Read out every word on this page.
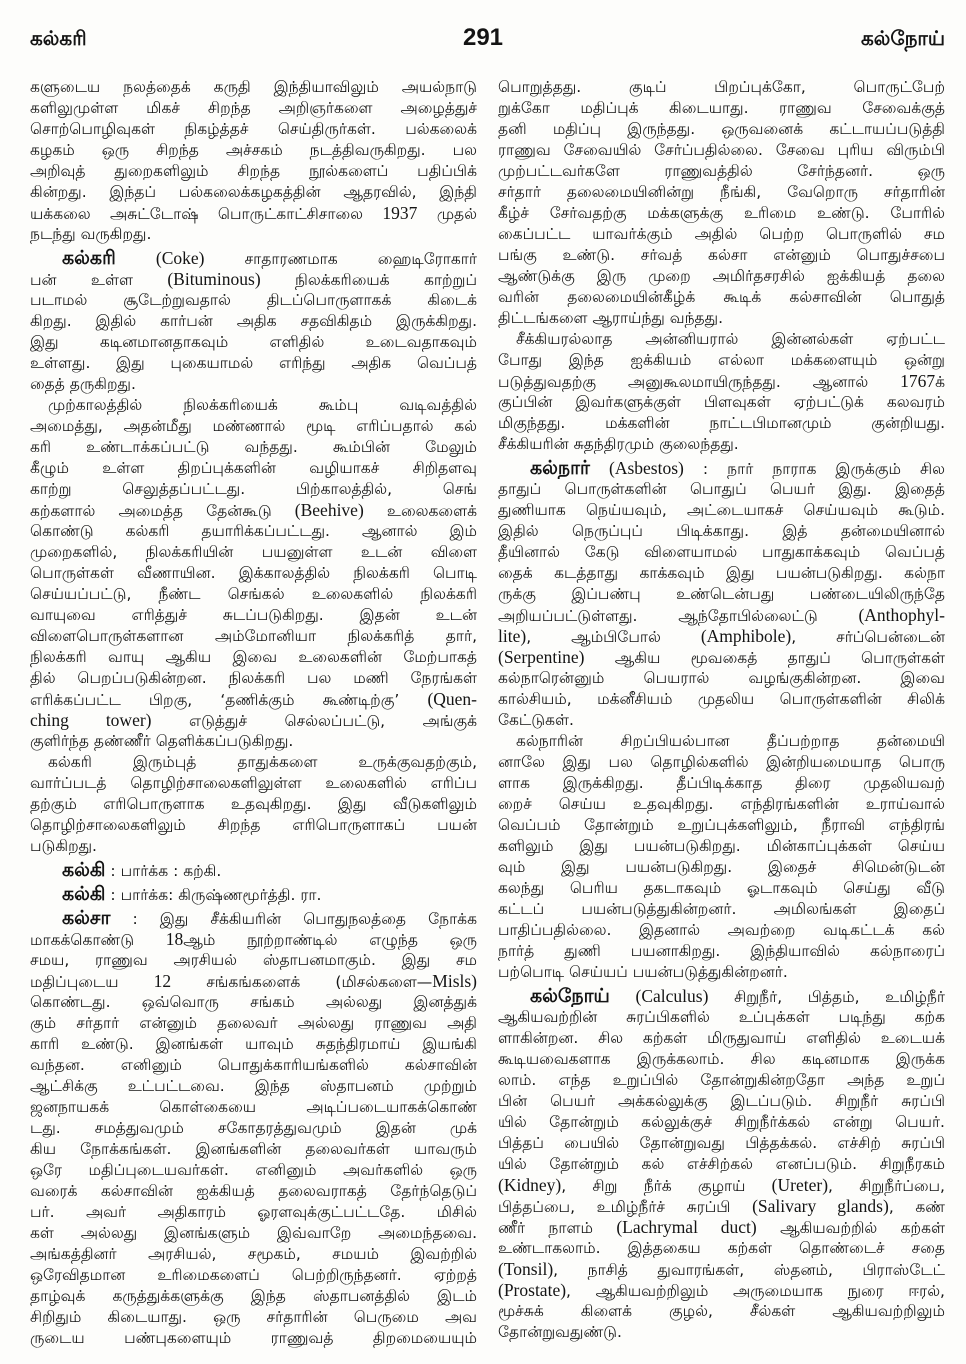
கல்கரி	291	கல்நோய்
களுடைய நலத்தைக் கருதி இந்தியாவிலும் அயல்நாடு
களிலுமுள்ள மிகச் சிறந்த அறிஞர்களை அழைத்துச்
சொற்பொழிவுகள் நிகழ்த்தச் செய்திருர்கள். பல்கலைக்
கழகம் ஒரு சிறந்த அச்சகம் நடத்திவருகிறது. பல
அறிவுத் துறைகளிலும் சிறந்த நூல்களைப் பதிப்பிக்
கின்றது. இந்தப் பல்கலைக்கழகத்தின் ஆதரவில், இந்தி
யக்கலை அசுட்டோஷ் பொருட்காட்சிசாலை 1937 முதல்
நடந்து வருகிறது.
கல்கரி (Coke) சாதாரணமாக ஹைடிரோகார்
பன் உள்ள (Bituminous) நிலக்கரியைக் காற்றுப்
படாமல் சூடேற்றுவதால் திடப்பொருளாகக் கிடைக்
கிறது. இதில் கார்பன் அதிக சதவிகிதம் இருக்கிறது.
இது கடினமானதாகவும் எளிதில் உடைவதாகவும்
உள்ளது. இது புகையாமல் எரிந்து அதிக வெப்பத்
தைத் தருகிறது.
முற்காலத்தில் நிலக்கரியைக் கூம்பு வடிவத்தில்
அமைத்து, அதன்மீது மண்ணால் மூடி எரிப்பதால் கல்
கரி உண்டாக்கப்பட்டு வந்தது. கூம்பின் மேலும்
கீழும் உள்ள திறப்புக்களின் வழியாகச் சிறிதளவு
காற்று செலுத்தப்பட்டது. பிற்காலத்தில், செங்
கற்களால் அமைத்த தேன்கூடு (Beehive) உலைகளைக்
கொண்டு கல்கரி தயாரிக்கப்பட்டது. ஆனால் இம்
முறைகளில், நிலக்கரியின் பயனுள்ள உடன் விளை
பொருள்கள் வீணாயின. இக்காலத்தில் நிலக்கரி பொடி
செய்யப்பட்டு, நீண்ட செங்கல் உலைகளில் நிலக்கரி
வாயுவை எரித்துச் சுடப்படுகிறது. இதன் உடன்
விளைபொருள்களான அம்மோனியா நிலக்கரித் தார்,
நிலக்கரி வாயு ஆகிய இவை உலைகளின் மேற்பாகத்
தில் பெறப்படுகின்றன. நிலக்கரி பல மணி நேரங்கள்
எரிக்கப்பட்ட பிறகு, ‘தணிக்கும் கூண்டிற்கு’ (Quen-
ching tower) எடுத்துச் செல்லப்பட்டு, அங்குக்
குளிர்ந்த தண்ணீர் தெளிக்கப்படுகிறது.
கல்கரி இரும்புத் தாதுக்களை உருக்குவதற்கும்,
வார்ப்படத் தொழிற்சாலைகளிலுள்ள உலைகளில் எரிப்ப
தற்கும் எரிபொருளாக உதவுகிறது. இது வீடுகளிலும்
தொழிற்சாலைகளிலும் சிறந்த எரிபொருளாகப் பயன்
படுகிறது.
கல்கி : பார்க்க : கற்கி.
கல்கி : பார்க்க: கிருஷ்ணமூர்த்தி. ரா.
கல்சா : இது சீக்கியரின் பொதுநலத்தை நோக்க
மாகக்கொண்டு 18ஆம் நூற்றாண்டில் எழுந்த ஒரு
சமய, ராணுவ அரசியல் ஸ்தாபனமாகும். இது சம
மதிப்புடைய 12 சங்கங்களைக் (மிசல்களை—Misls)
கொண்டது. ஒவ்வொரு சங்கம் அல்லது இனத்துக்
கும் சர்தார் என்னும் தலைவர் அல்லது ராணுவ அதி
காரி உண்டு. இனங்கள் யாவும் சுதந்திரமாய் இயங்கி
வந்தன. எனினும் பொதுக்காரியங்களில் கல்சாவின்
ஆட்சிக்கு உட்பட்டவை. இந்த ஸ்தாபனம் முற்றும்
ஜனநாயகக் கொள்கையை அடிப்படையாகக்கொண்
டது. சமத்துவமும் சகோதரத்துவமும் இதன் முக்
கிய நோக்கங்கள். இனங்களின் தலைவர்கள் யாவரும்
ஒரே மதிப்புடையவர்கள். எனினும் அவர்களில் ஒரு
வரைக் கல்சாவின் ஐக்கியத் தலைவராகத் தேர்ந்தெடுப்
பர். அவர் அதிகாரம் ஓரளவுக்குட்பட்டதே. மிசில்
கள் அல்லது இனங்களும் இவ்வாறே அமைந்தவை.
அங்கத்தினர் அரசியல், சமூகம், சமயம் இவற்றில்
ஒரேவிதமான உரிமைகளைப் பெற்றிருந்தனர். ஏற்றத்
தாழ்வுக் கருத்துக்களுக்கு இந்த ஸ்தாபனத்தில் இடம்
சிறிதும் கிடையாது. ஒரு சர்தாரின் பெருமை அவ
ருடைய பண்புகளையும் ராணுவத் திறமையையும்
பொறுத்தது. குடிப் பிறப்புக்கோ, பொருட்பேற்
றுக்கோ மதிப்புக் கிடையாது. ராணுவ சேவைக்குத்
தனி மதிப்பு இருந்தது. ஒருவனைக் கட்டாயப்படுத்தி
ராணுவ சேவையில் சேர்ப்பதில்லை. சேவை புரிய விரும்பி
முற்பட்டவர்களே ராணுவத்தில் சேர்ந்தனர். ஒரு
சர்தார் தலைமையினின்று நீங்கி, வேறொரு சர்தாரின்
கீழ்ச் சேர்வதற்கு மக்களுக்கு உரிமை உண்டு. போரில்
கைப்பட்ட யாவர்க்கும் அதில் பெற்ற பொருளில் சம
பங்கு உண்டு. சர்வத் கல்சா என்னும் பொதுச்சபை
ஆண்டுக்கு இரு முறை அமிர்தசரசில் ஐக்கியத் தலை
வரின் தலைமையின்கீழ்க் கூடிக் கல்சாவின் பொதுத்
திட்டங்களை ஆராய்ந்து வந்தது.
சீக்கியரல்லாத அன்னியரால் இன்னல்கள் ஏற்பட்ட
போது இந்த ஐக்கியம் எல்லா மக்களையும் ஒன்று
படுத்துவதற்கு அனுகூலமாயிருந்தது. ஆனால் 1767க்
குப்பின் இவர்களுக்குள் பிளவுகள் ஏற்பட்டுக் கலவரம்
மிகுந்தது. மக்களின் நாட்டபிமானமும் குன்றியது.
சீக்கியரின் சுதந்திரமும் குலைந்தது.
கல்நார் (Asbestos) : நார் நாராக இருக்கும் சில
தாதுப் பொருள்களின் பொதுப் பெயர் இது. இதைத்
துணியாக நெய்யவும், அட்டையாகச் செய்யவும் கூடும்.
இதில் நெருப்புப் பிடிக்காது. இத் தன்மையினால்
தீயினால் கேடு விளையாமல் பாதுகாக்கவும் வெப்பத்
தைக் கடத்தாது காக்கவும் இது பயன்படுகிறது. கல்நா
ருக்கு இப்பண்பு உண்டென்பது பண்டையிலிருந்தே
அறியப்பட்டுள்ளது. ஆந்தோபில்லைட்டு (Anthophyl-
lite), ஆம்பிபோல் (Amphibole), சர்ப்பென்டைன்
(Serpentine) ஆகிய மூவகைத் தாதுப் பொருள்கள்
கல்நாரென்னும் பெயரால் வழங்குகின்றன. இவை
கால்சியம், மக்னீசியம் முதலிய பொருள்களின் சிலிக்
கேட்டுகள்.
கல்நாரின் சிறப்பியல்பான தீப்பற்றாத தன்மையி
னாலே இது பல தொழில்களில் இன்றியமையாத பொரு
ளாக இருக்கிறது. தீப்பிடிக்காத திரை முதலியவற்
றைச் செய்ய உதவுகிறது. எந்திரங்களின் உராய்வால்
வெப்பம் தோன்றும் உறுப்புக்களிலும், நீராவி எந்திரங்
களிலும் இது பயன்படுகிறது. மின்காப்புக்கள் செய்ய
வும் இது பயன்படுகிறது. இதைச் சிமென்டுடன்
கலந்து பெரிய தகடாகவும் ஓடாகவும் செய்து வீடு
கட்டப் பயன்படுத்துகின்றனர். அமிலங்கள் இதைப்
பாதிப்பதில்லை. இதனால் அவற்றை வடிகட்டக் கல்
நார்த் துணி பயனாகிறது. இந்தியாவில் கல்நாரைப்
பற்பொடி செய்யப் பயன்படுத்துகின்றனர்.
கல்நோய் (Calculus) சிறுநீர், பித்தம், உமிழ்நீர்
ஆகியவற்றின் சுரப்பிகளில் உப்புக்கள் படிந்து கற்க
ளாகின்றன. சில கற்கள் மிருதுவாய் எளிதில் உடையக்
கூடியவைகளாக இருக்கலாம். சில கடினமாக இருக்க
லாம். எந்த உறுப்பில் தோன்றுகின்றதோ அந்த உறுப்
பின் பெயர் அக்கல்லுக்கு இடப்படும். சிறுநீர் சுரப்பி
யில் தோன்றும் கல்லுக்குச் சிறுநீர்க்கல் என்று பெயர்.
பித்தப் பையில் தோன்றுவது பித்தக்கல். எச்சிற் சுரப்பி
யில் தோன்றும் கல் எச்சிற்கல் எனப்படும். சிறுநீரகம்
(Kidney), சிறு நீர்க் குழாய் (Ureter), சிறுநீர்ப்பை,
பித்தப்பை, உமிழ்நீர்ச் சுரப்பி (Salivary glands), கண்
ணீர் நாளம் (Lachrymal duct) ஆகியவற்றில் கற்கள்
உண்டாகலாம். இத்தகைய கற்கள் தொண்டைச் சதை
(Tonsil), நாசித் துவாரங்கள், ஸ்தனம், பிராஸ்டேட்
(Prostate), ஆகியவற்றிலும் அருமையாக நுரை ஈரல்,
மூச்சுக் கிளைக் குழல், சீல்கள் ஆகியவற்றிலும்
தோன்றுவதுண்டு.
